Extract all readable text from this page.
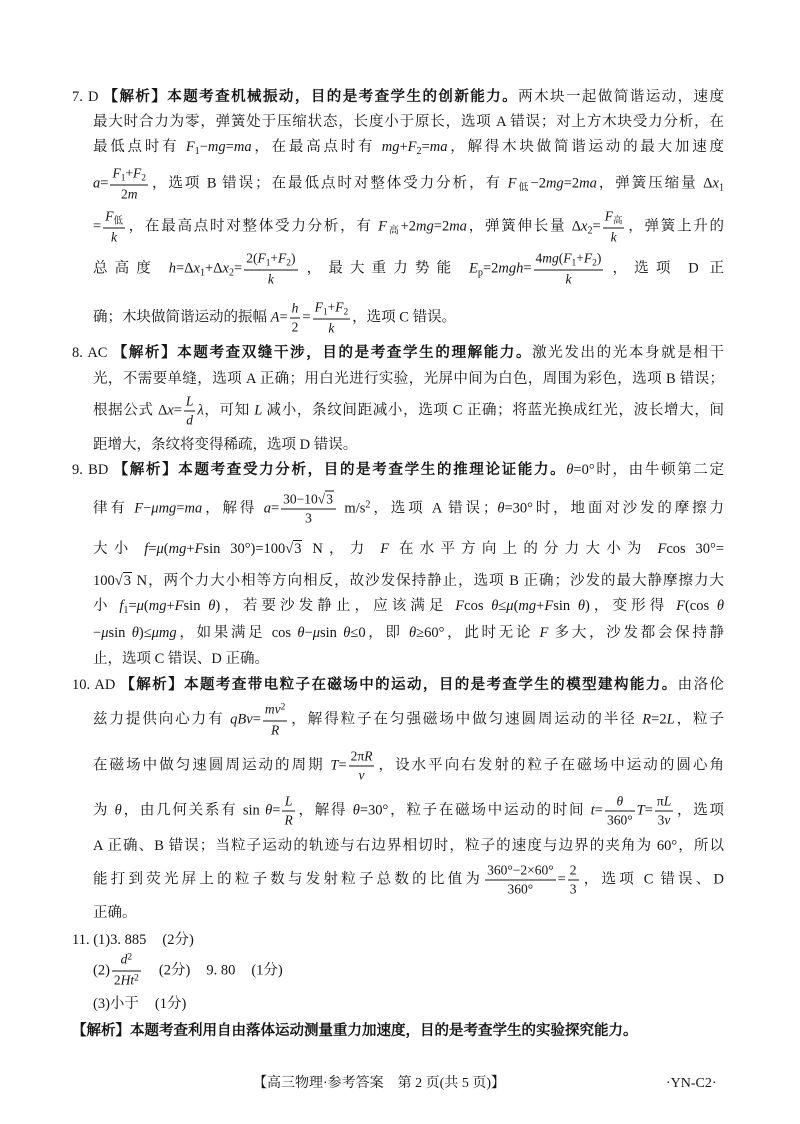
7. D 【解析】本题考查机械振动，目的是考查学生的创新能力。两木块一起做简谐运动，速度
最大时合力为零，弹簧处于压缩状态，长度小于原长，选项 A 错误；对上方木块受力分析，在
最低点时有 $F_1-mg=ma$，在最高点时有 $mg+F_2=ma$，解得木块做简谐运动的最大加速度
$a= \frac{F_1+F_2}{2m}$ ，选项 B 错误；在最低点时对整体受力分析，有 $F_低-2mg=2ma$，弹簧压缩量 $\Delta x_1$
= $\frac{F_低}{k}$ ，在最高点时对整体受力分析，有 $F_高+2mg=2ma$，弹簧伸长量 $\Delta x_2= \frac{F_高}{k}$ ，弹簧上升的
总高度 $h=\Delta x_1+\Delta x_2= \frac{2(F_1+F_2)}{k}$ ，最大重力势能 $E_p=2mgh= \frac{4mg(F_1+F_2)}{k}$ ，选项 D 正
确；木块做简谐运动的振幅 $A= \frac{h}{2} = \frac{F_1+F_2}{k}$ ，选项 C 错误。
8. AC 【解析】本题考查双缝干涉，目的是考查学生的理解能力。激光发出的光本身就是相干
光，不需要单缝，选项 A 正确；用白光进行实验，光屏中间为白色，周围为彩色，选项 B 错误；
根据公式 $\Delta x= \frac{L}{d}$ λ，可知 L 减小，条纹间距减小，选项 C 正确；将蓝光换成红光，波长增大，间
距增大，条纹将变得稀疏，选项 D 错误。
9. BD 【解析】本题考查受力分析，目的是考查学生的推理论证能力。θ=0°时，由牛顿第二定
律有 F−μmg=ma，解得 $a= \frac{30-10√3}{3} m/s^2$，选项 A 错误；θ=30°时，地面对沙发的摩擦力
大小 f=μ(mg+Fsin 30°)=100√3 N，力 F 在水平方向上的分力大小为 Fcos 30°=
100√3 N，两个力大小相等方向相反，故沙发保持静止，选项 B 正确；沙发的最大静摩擦力大
小 $f_1=\mu(mg+Fsin$ θ)，若要沙发静止，应该满足 Fcos θ≤μ(mg+Fsin θ)，变形得 F(cos θ
−μsin θ)≤μmg，如果满足 cos θ−μsin θ≤0，即 θ≥60°，此时无论 F 多大，沙发都会保持静
止，选项 C 错误、D 正确。
10. AD 【解析】本题考查带电粒子在磁场中的运动，目的是考查学生的模型建构能力。由洛伦
兹力提供向心力有 $qBv= \frac{mv^2}{R}$ ，解得粒子在匀强磁场中做匀速圆周运动的半径 R=2L，粒子
在磁场中做匀速圆周运动的周期 $T= \frac{2\pi R}{v}$ ，设水平向右发射的粒子在磁场中运动的圆心角
为 θ，由几何关系有 $\sin \theta= \frac{L}{R}$ ，解得 θ=30°，粒子在磁场中运动的时间 $t= \frac{\theta}{360^\circ} T= \frac{\pi L}{3v}$ ，选项
A 正确、B 错误；当粒子运动的轨迹与右边界相切时，粒子的速度与边界的夹角为 60°，所以
能打到荧光屏上的粒子数与发射粒子总数的比值为 $\frac{360^\circ-2\times 60^\circ}{360^\circ} = \frac{2}{3}$ ，选项 C 错误、D
正确。
11. (1)3. 885 (2分)
$(2) \frac{d^2}{2Ht^2} (2$分) 9. 80 (1分)
(3)小于 (1分)
【解析】本题考查利用自由落体运动测量重力加速度，目的是考查学生的实验探究能力。
【高三物理·参考答案　第 2 页(共 5 页)】	·YN-C2·
